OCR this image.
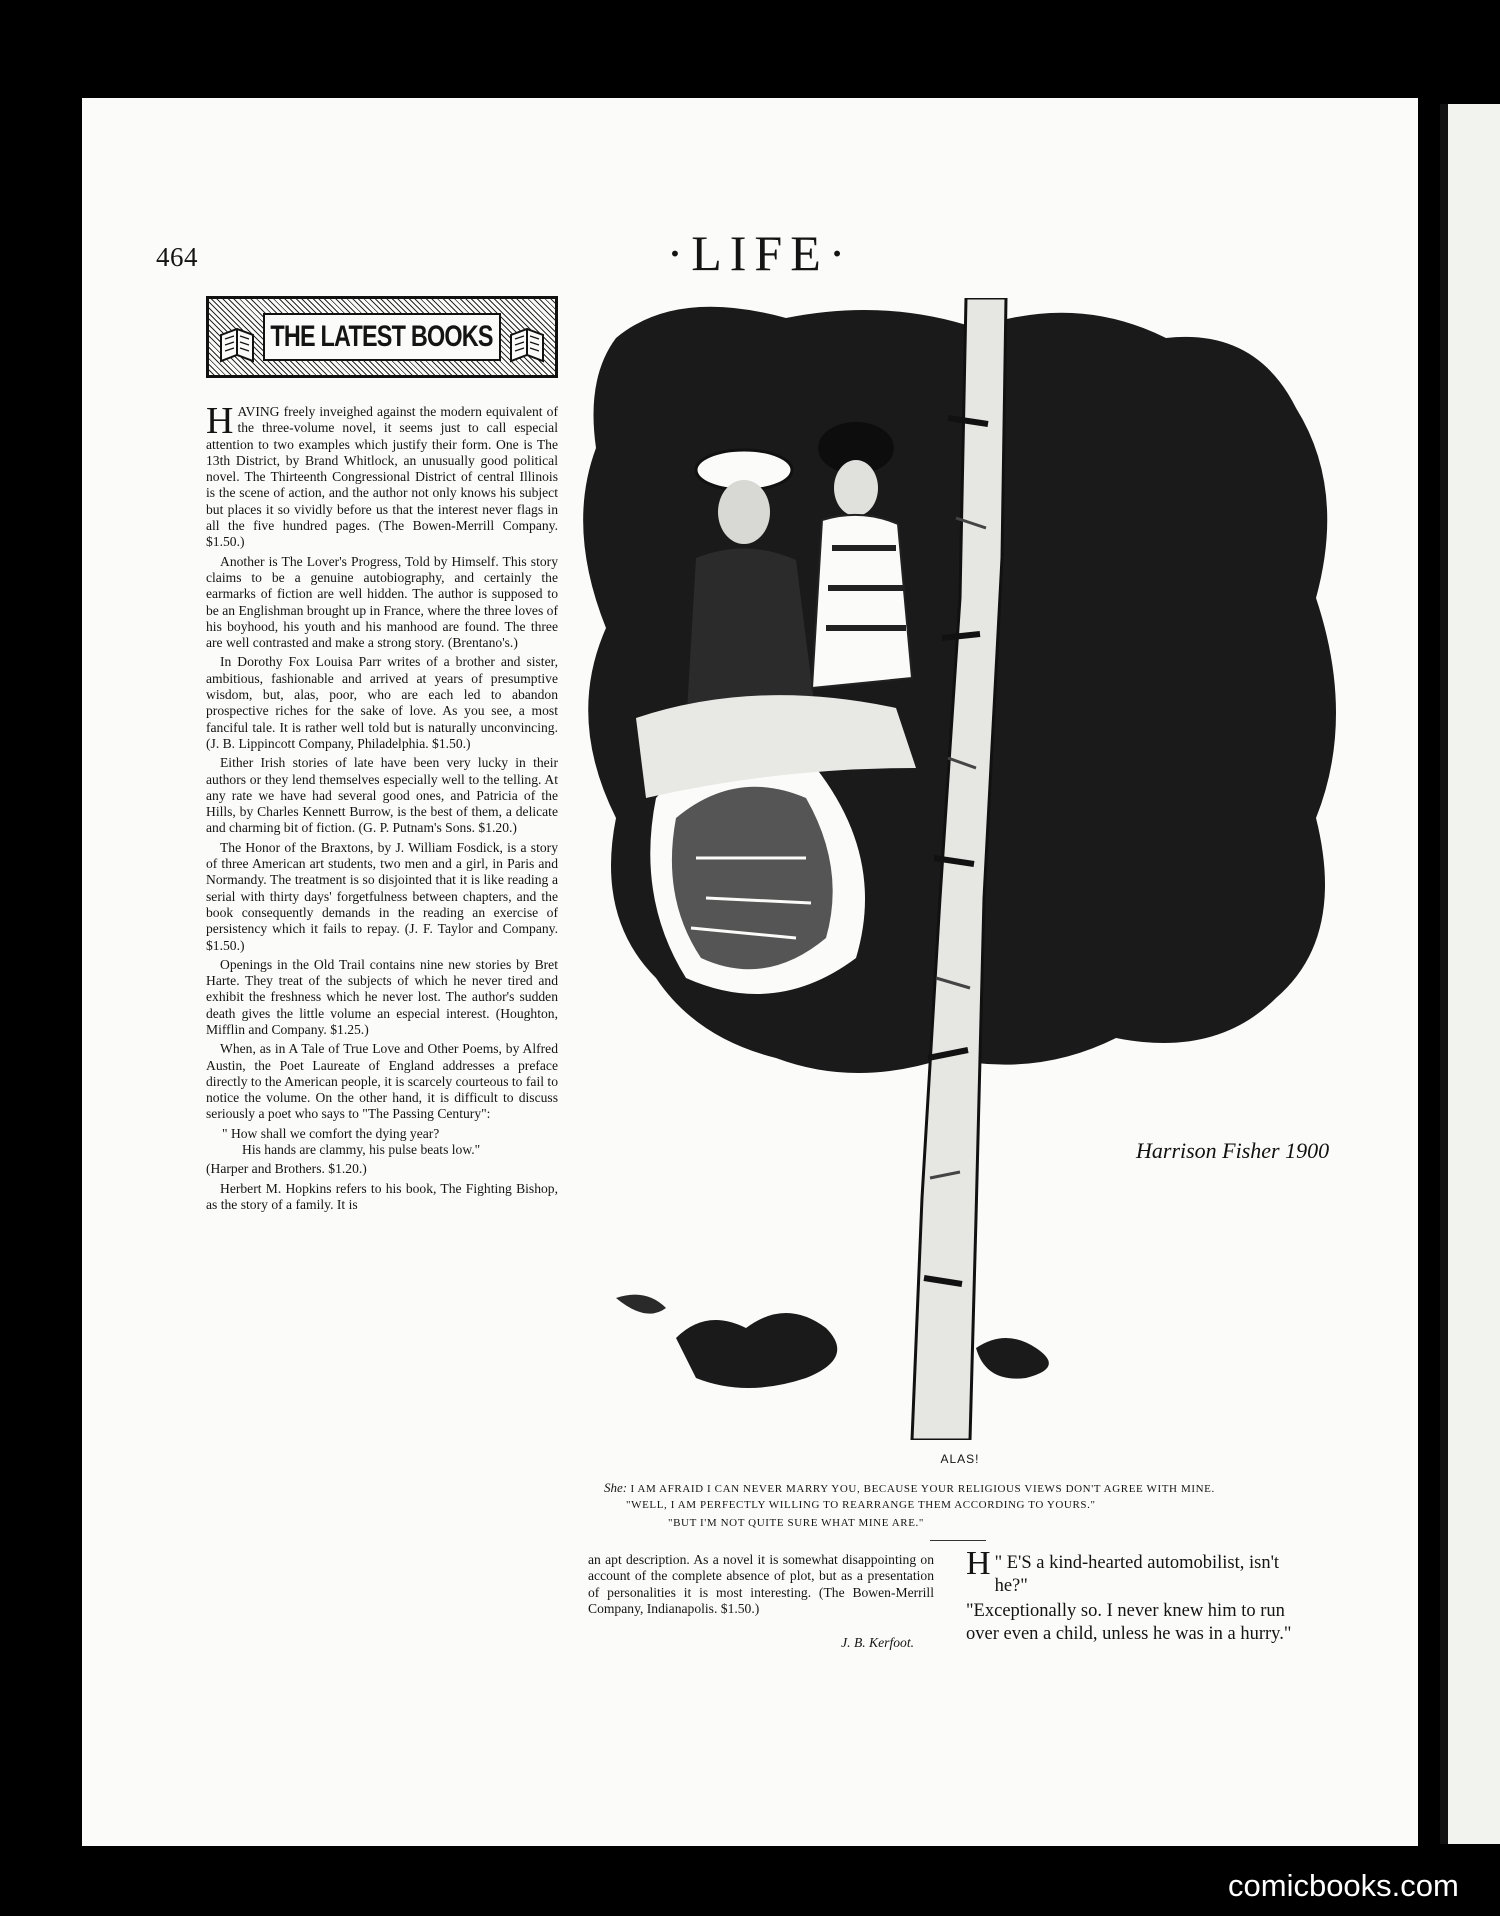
464	·LIFE·
THE LATEST BOOKS

HAVING freely inveighed against the modern equivalent of the three-volume novel, it seems just to call especial attention to two examples which justify their form. One is The 13th District, by Brand Whitlock, an unusually good political novel. The Thirteenth Congressional District of central Illinois is the scene of action, and the author not only knows his subject but places it so vividly before us that the interest never flags in all the five hundred pages. (The Bowen-Merrill Company. $1.50.)

Another is The Lover's Progress, Told by Himself. This story claims to be a genuine autobiography, and certainly the earmarks of fiction are well hidden. The author is supposed to be an Englishman brought up in France, where the three loves of his boyhood, his youth and his manhood are found. The three are well contrasted and make a strong story. (Brentano's.)

In Dorothy Fox Louisa Parr writes of a brother and sister, ambitious, fashionable and arrived at years of presumptive wisdom, but, alas, poor, who are each led to abandon prospective riches for the sake of love. As you see, a most fanciful tale. It is rather well told but is naturally unconvincing. (J. B. Lippincott Company, Philadelphia. $1.50.)

Either Irish stories of late have been very lucky in their authors or they lend themselves especially well to the telling. At any rate we have had several good ones, and Patricia of the Hills, by Charles Kennett Burrow, is the best of them, a delicate and charming bit of fiction. (G. P. Putnam's Sons. $1.20.)

The Honor of the Braxtons, by J. William Fosdick, is a story of three American art students, two men and a girl, in Paris and Normandy. The treatment is so disjointed that it is like reading a serial with thirty days' forgetfulness between chapters, and the book consequently demands in the reading an exercise of persistency which it fails to repay. (J. F. Taylor and Company. $1.50.)

Openings in the Old Trail contains nine new stories by Bret Harte. They treat of the subjects of which he never tired and exhibit the freshness which he never lost. The author's sudden death gives the little volume an especial interest. (Houghton, Mifflin and Company. $1.25.)

When, as in A Tale of True Love and Other Poems, by Alfred Austin, the Poet Laureate of England addresses a preface directly to the American people, it is scarcely courteous to fail to notice the volume. On the other hand, it is difficult to discuss seriously a poet who says to "The Passing Century":

" How shall we comfort the dying year?
His hands are clammy, his pulse beats low."

(Harper and Brothers. $1.20.)

Herbert M. Hopkins refers to his book, The Fighting Bishop, as the story of a family. It is

Harrison Fisher 1900
ALAS!
She: I AM AFRAID I CAN NEVER MARRY YOU, BECAUSE YOUR RELIGIOUS VIEWS DON'T AGREE WITH MINE.
"WELL, I AM PERFECTLY WILLING TO REARRANGE THEM ACCORDING TO YOURS."
"BUT I'M NOT QUITE SURE WHAT MINE ARE."

an apt description. As a novel it is somewhat disappointing on account of the complete absence of plot, but as a presentation of personalities it is most interesting. (The Bowen-Merrill Company, Indianapolis. $1.50.)

J. B. Kerfoot.

"
H E'S a kind-hearted automobilist, isn't he?"

"Exceptionally so. I never knew him to run over even a child, unless he was in a hurry."

comicbooks.com
